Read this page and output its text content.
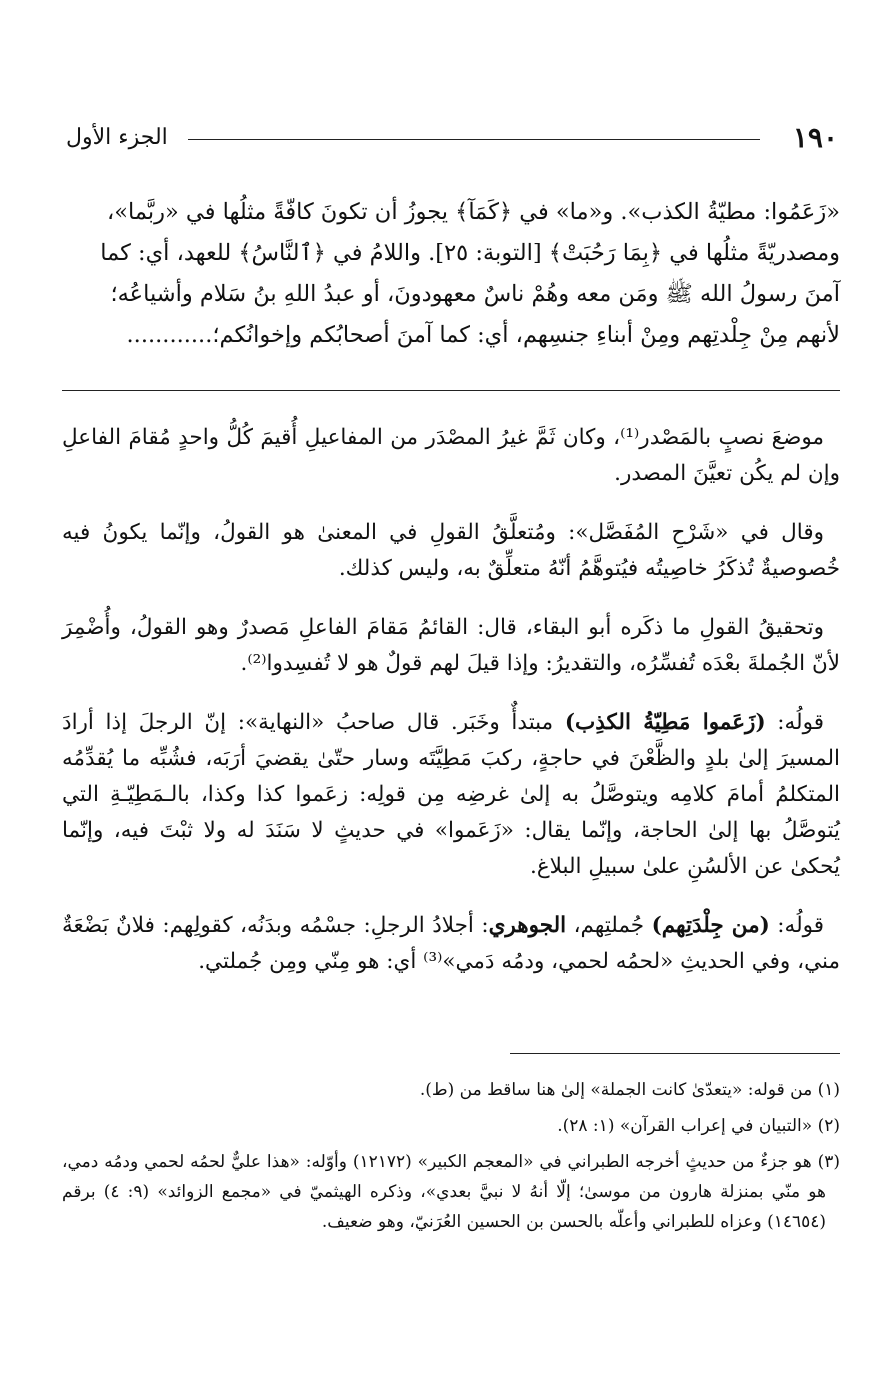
١٩٠
الجزء الأول

«زَعَمُوا: مطيّةُ الكذب». و«ما» في ﴿كَمَآ﴾ يجوزُ أن تكونَ كافّةً مثلُها في «ربَّما»،

ومصدريّةً مثلُها في ﴿بِمَا رَحُبَتْ﴾ [التوبة: ٢٥]. واللامُ في ﴿ٱلنَّاسُ﴾ للعهد، أي: كما

آمنَ رسولُ الله ﷺ ومَن معه وهُمْ ناسٌ معهودونَ، أو عبدُ اللهِ بنُ سَلام وأشياعُه؛

لأنهم مِنْ جِلْدتِهم ومِنْ أبناءِ جنسِهم، أي: كما آمنَ أصحابُكم وإخوانُكم؛............

موضعَ نصبٍ بالمَصْدر⁽¹⁾، وكان ثَمَّ غيرُ المصْدَر من المفاعيلِ أُقيمَ كُلُّ واحدٍ مُقامَ الفاعلِ وإن لم يكُن تعيَّنَ المصدر.

وقال في «شَرْحِ المُفَصَّل»: ومُتعلَّقُ القولِ في المعنىٰ هو القولُ، وإنّما يكونُ فيه خُصوصيةٌ تُذكَرُ خاصِيتُه فيُتوهَّمُ أنّهُ متعلِّقٌ به، وليس كذلك.

وتحقيقُ القولِ ما ذكَره أبو البقاء، قال: القائمُ مَقامَ الفاعلِ مَصدرٌ وهو القولُ، وأُضْمِرَ لأنّ الجُملةَ بعْدَه تُفسِّرُه، والتقديرُ: وإذا قيلَ لهم قولٌ هو لا تُفسِدوا⁽²⁾.

قولُه: (زَعَموا مَطِيّةُ الكذِب) مبتدأٌ وخَبَر. قال صاحبُ «النهاية»: إنّ الرجلَ إذا أرادَ المسيرَ إلىٰ بلدٍ والظَّعْنَ في حاجةٍ، ركبَ مَطِيَّتَه وسار حتّىٰ يقضيَ أرَبَه، فشُبِّه ما يُقدِّمُه المتكلمُ أمامَ كلامِه ويتوصَّلُ به إلىٰ غرضِه مِن قولِه: زعَموا كذا وكذا، بالـمَطِيّـةِ التي يُتوصَّلُ بها إلىٰ الحاجة، وإنّما يقال: «زَعَموا» في حديثٍ لا سَنَدَ له ولا ثبْتَ فيه، وإنّما يُحكىٰ عن الألسُنِ علىٰ سبيلِ البلاغ.

قولُه: (من جِلْدَتِهم) جُملتِهم، الجوهري: أجلادُ الرجلِ: جسْمُه وبدَنُه، كقولِهم: فلانٌ بَضْعَةٌ مني، وفي الحديثِ «لحمُه لحمي، ودمُه دَمي»⁽³⁾ أي: هو مِنّي ومِن جُملتي.

(١) من قوله: «يتعدّىٰ كانت الجملة» إلىٰ هنا ساقط من (ط).

(٢) «التبيان في إعراب القرآن» (١: ٢٨).

(٣) هو جزءٌ من حديثٍ أخرجه الطبراني في «المعجم الكبير» (١٢١٧٢) وأوّله: «هذا عليٌّ لحمُه لحمي ودمُه دمي، هو منّي بمنزلة هارون من موسىٰ؛ إلّا أنهُ لا نبيَّ بعدي»، وذكره الهيثميّ في «مجمع الزوائد» (٩: ٤) برقم (١٤٦٥٤) وعزاه للطبراني وأعلّه بالحسن بن الحسين العُرَنيّ، وهو ضعيف.
